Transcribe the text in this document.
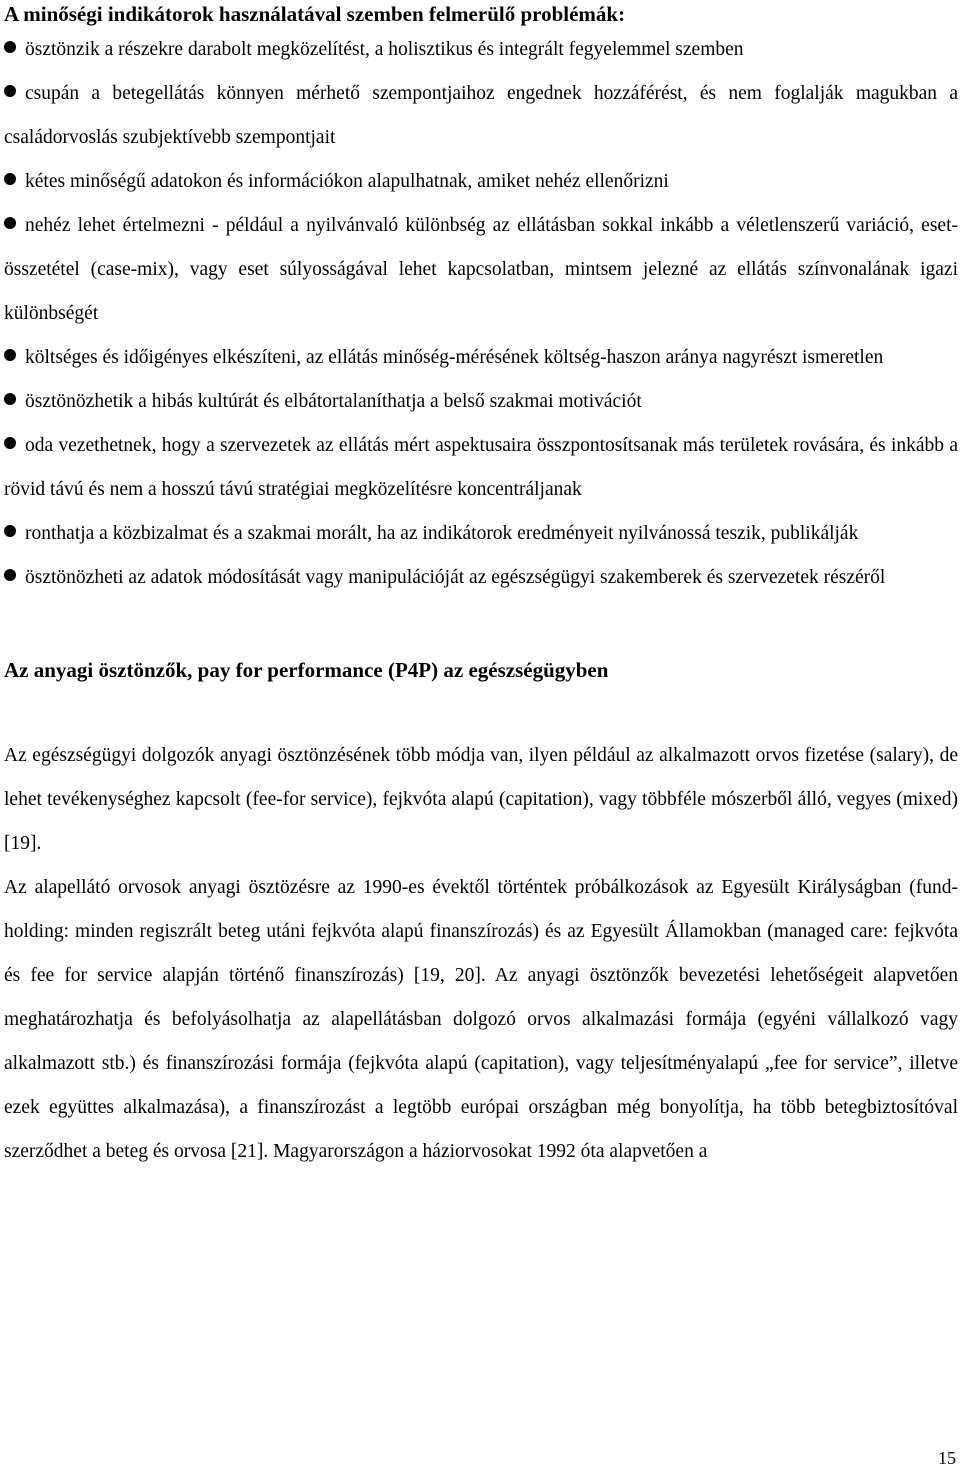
A minőségi indikátorok használatával szemben felmerülő problémák:
ösztönzik a részekre darabolt megközelítést, a holisztikus és integrált fegyelemmel szemben
csupán a betegellátás könnyen mérhető szempontjaihoz engednek hozzáférést, és nem foglalják magukban a családorvoslás szubjektívebb szempontjait
kétes minőségű adatokon és információkon alapulhatnak, amiket nehéz ellenőrizni
nehéz lehet értelmezni - például a nyilvánvaló különbség az ellátásban sokkal inkább a véletlenszerű variáció, eset-összetétel (case-mix), vagy eset súlyosságával lehet kapcsolatban, mintsem jelezné az ellátás színvonalának igazi különbségét
költséges és időigényes elkészíteni, az ellátás minőség-mérésének költség-haszon aránya nagyrészt ismeretlen
ösztönözhetik a hibás kultúrát és elbátortalaníthatja a belső szakmai motivációt
oda vezethetnek, hogy a szervezetek az ellátás mért aspektusaira összpontosítsanak más területek rovására, és inkább a rövid távú és nem a hosszú távú stratégiai megközelítésre koncentráljanak
ronthatja a közbizalmat és a szakmai morált, ha az indikátorok eredményeit nyilvánossá teszik, publikálják
ösztönözheti az adatok módosítását vagy manipulációját az egészségügyi szakemberek és szervezetek részéről
Az anyagi ösztönzők, pay for performance (P4P) az egészségügyben

Az egészségügyi dolgozók anyagi ösztönzésének több módja van, ilyen például az alkalmazott orvos fizetése (salary), de lehet tevékenységhez kapcsolt (fee-for service), fejkvóta alapú (capitation), vagy többféle mószerből álló, vegyes (mixed) [19].

Az alapellátó orvosok anyagi ösztözésre az 1990-es évektől történtek próbálkozások az Egyesült Királyságban (fund-holding: minden regiszrált beteg utáni fejkvóta alapú finanszírozás) és az Egyesült Államokban (managed care: fejkvóta és fee for service alapján történő finanszírozás) [19, 20]. Az anyagi ösztönzők bevezetési lehetőségeit alapvetően meghatározhatja és befolyásolhatja az alapellátásban dolgozó orvos alkalmazási formája (egyéni vállalkozó vagy alkalmazott stb.) és finanszírozási formája (fejkvóta alapú (capitation), vagy teljesítményalapú „fee for service”, illetve ezek együttes alkalmazása), a finanszírozást a legtöbb európai országban még bonyolítja, ha több betegbiztosítóval szerződhet a beteg és orvosa [21]. Magyarországon a háziorvosokat 1992 óta alapvetően a

15
